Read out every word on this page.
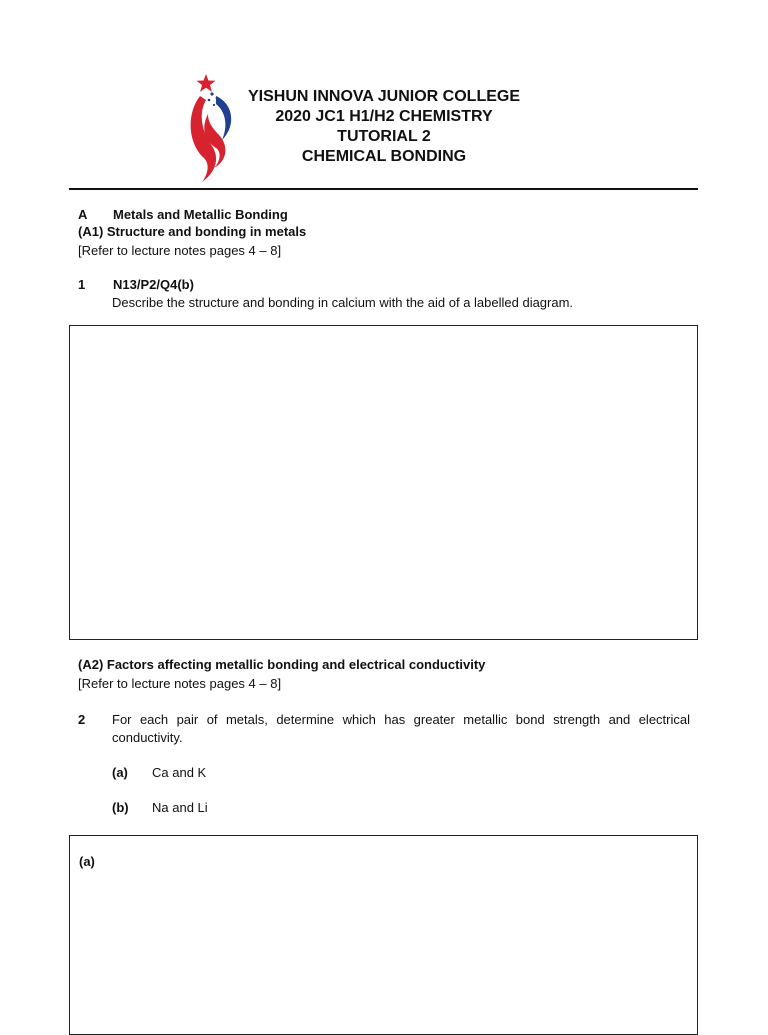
YISHUN INNOVA JUNIOR COLLEGE
2020 JC1 H1/H2 CHEMISTRY
TUTORIAL 2
CHEMICAL BONDING
A Metals and Metallic Bonding
(A1) Structure and bonding in metals
[Refer to lecture notes pages 4 – 8]
1 N13/P2/Q4(b)
Describe the structure and bonding in calcium with the aid of a labelled diagram.
(A2) Factors affecting metallic bonding and electrical conductivity
[Refer to lecture notes pages 4 – 8]
2 For each pair of metals, determine which has greater metallic bond strength and electrical conductivity.
(a) Ca and K
(b) Na and Li
(a)
